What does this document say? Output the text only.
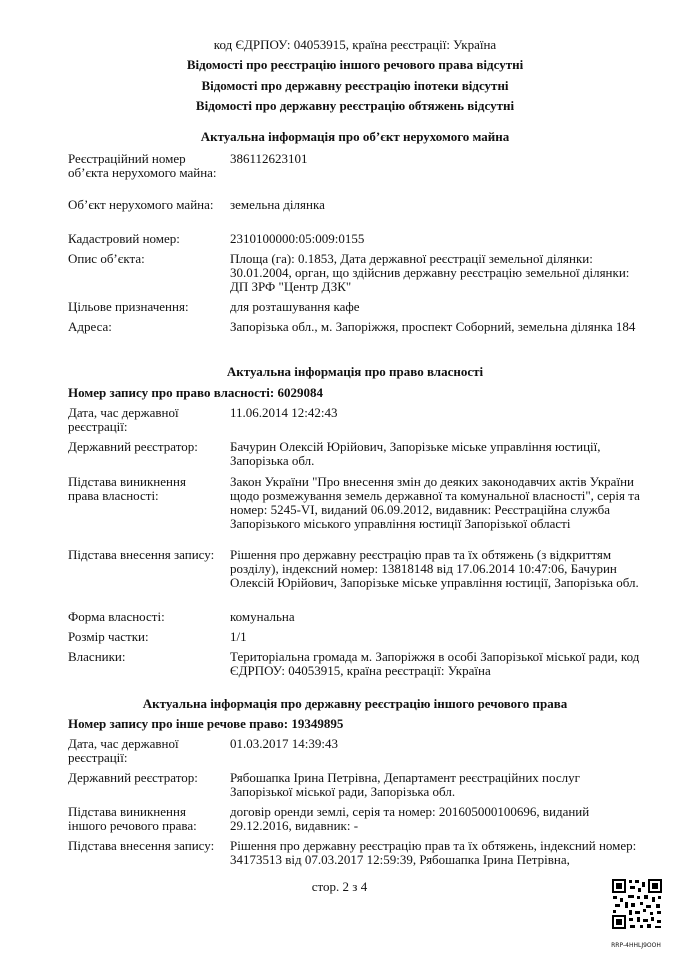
код ЄДРПОУ: 04053915, країна реєстрації: Україна
Відомості про реєстрацію іншого речового права відсутні
Відомості про державну реєстрацію іпотеки відсутні
Відомості про державну реєстрацію обтяжень відсутні
Актуальна інформація про об’єкт нерухомого майна
Реєстраційний номер об’єкта нерухомого майна:
386112623101
Об’єкт нерухомого майна:	земельна ділянка
Кадастровий номер:	2310100000:05:009:0155
Опис об’єкта:	Площа (га): 0.1853, Дата державної реєстрації земельної ділянки: 30.01.2004, орган, що здійснив державну реєстрацію земельної ділянки: ДП ЗРФ "Центр ДЗК"
Цільове призначення:	для розташування кафе
Адреса:	Запорізька обл., м. Запоріжжя, проспект Соборний, земельна ділянка 184
Актуальна інформація про право власності
Номер запису про право власності: 6029084
Дата, час державної реєстрації:
11.06.2014 12:42:43
Державний реєстратор:	Бачурин Олексій Юрійович, Запорізьке міське управління юстиції, Запорізька обл.
Підстава виникнення права власності:
Закон України "Про внесення змін до деяких законодавчих актів України щодо розмежування земель державної та комунальної власності", серія та номер: 5245-VI, виданий 06.09.2012, видавник: Реєстраційна служба Запорізького міського управління юстиції Запорізької області
Підстава внесення запису: Рішення про державну реєстрацію прав та їх обтяжень (з відкриттям розділу), індексний номер: 13818148 від 17.06.2014 10:47:06, Бачурин Олексій Юрійович, Запорізьке міське управління юстиції, Запорізька обл.
Форма власності:	комунальна
Розмір частки:	1/1
Власники:	Територіальна громада м. Запоріжжя в особі Запорізької міської ради, код ЄДРПОУ: 04053915, країна реєстрації: Україна
Актуальна інформація про державну реєстрацію іншого речового права
Номер запису про інше речове право: 19349895
Дата, час державної реєстрації:
01.03.2017 14:39:43
Державний реєстратор:	Рябошапка Ірина Петрівна, Департамент реєстраційних послуг Запорізької міської ради, Запорізька обл.
Підстава виникнення іншого речового права:
договір оренди землі, серія та номер: 201605000100696, виданий 29.12.2016, видавник: -
Підстава внесення запису: Рішення про державну реєстрацію прав та їх обтяжень, індексний номер: 34173513 від 07.03.2017 12:59:39, Рябошапка Ірина Петрівна,
стор. 2 з 4
RRP-4HHLJ9OOH
